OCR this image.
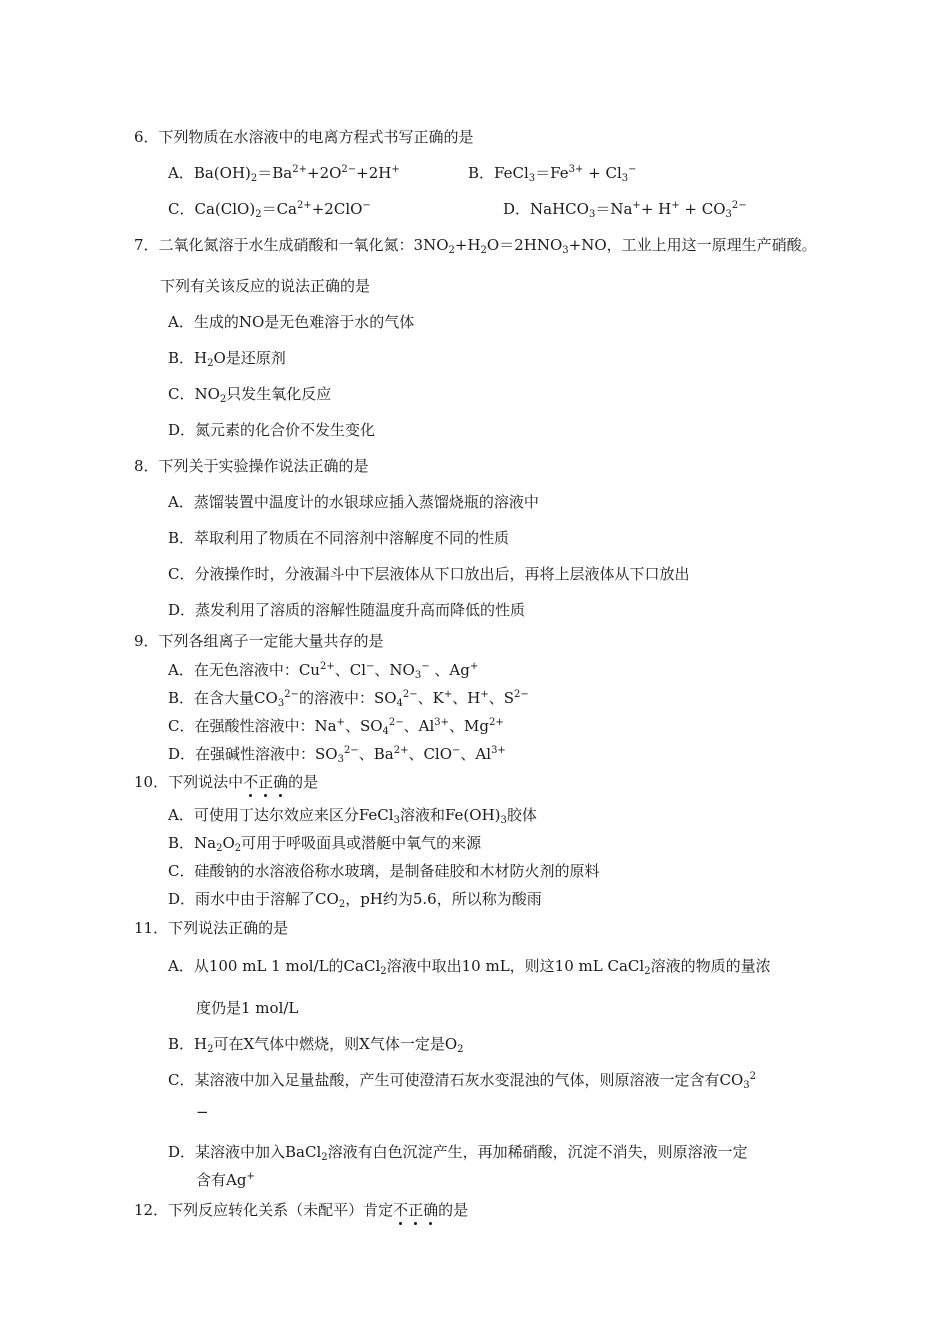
6．下列物质在水溶液中的电离方程式书写正确的是
A．$Ba(OH)_2=Ba^{2+}+2O^{2-}+2H^+$	B．$FeCl_3=Fe^{3+} + Cl_3^-$
C．$Ca(ClO)_2=Ca^{2+}+2ClO^-$	D．NaHCO$_3$＝Na++ $H^+ + CO_3^{2-}$
7．二氧化氮溶于水生成硝酸和一氧化氮：$3NO_2+H_2O=2HNO_3+NO$，工业上用这一原理生产硝酸。
下列有关该反应的说法正确的是
A．生成的NO是无色难溶于水的气体
B．$H_2O$是还原剂
C．$NO_2$只发生氧化反应
D．氮元素的化合价不发生变化
8．下列关于实验操作说法正确的是
A．蒸馏装置中温度计的水银球应插入蒸馏烧瓶的溶液中
B．萃取利用了物质在不同溶剂中溶解度不同的性质
C．分液操作时，分液漏斗中下层液体从下口放出后，再将上层液体从下口放出
D．蒸发利用了溶质的溶解性随温度升高而降低的性质
9．下列各组离子一定能大量共存的是
A．在无色溶液中：$Cu^{2+}$、Cl−、$NO_3^-$ 、Ag+
B．在含大量$CO_3^{2-}$的溶液中：$SO_4^{2-}$、K+、H+、$S^{2-}$
C．在强酸性溶液中：Na+、$SO_4^{2-}$、$Al^{3+}$、$Mg^{2+}$
D．在强碱性溶液中：$SO_3^{2-}$、$Ba^{2+}$、ClO−、$Al^{3+}$
10．下列说法中不正确的是
A．可使用丁达尔效应来区分FeCl$_3$溶液和$Fe(OH)_3$胶体
B．$Na_2O_2$可用于呼吸面具或潜艇中氧气的来源
C．硅酸钠的水溶液俗称水玻璃，是制备硅胶和木材防火剂的原料
D．雨水中由于溶解了$CO_2$，pH约为5.6，所以称为酸雨
11．下列说法正确的是
A．从100 mL 1 mol/L的CaCl$_2$溶液中取出10 mL，则这10 mL CaCl$_2$溶液的物质的量浓
度仍是1 mol/L
B．$H_2$可在X气体中燃烧，则X气体一定是$O_2$
C．某溶液中加入足量盐酸，产生可使澄清石灰水变混浊的气体，则原溶液一定含有$CO_3^2$
−
D．某溶液中加入BaCl$_2$溶液有白色沉淀产生，再加稀硝酸，沉淀不消失，则原溶液一定
含有Ag+
12．下列反应转化关系（未配平）肯定不正确的是
